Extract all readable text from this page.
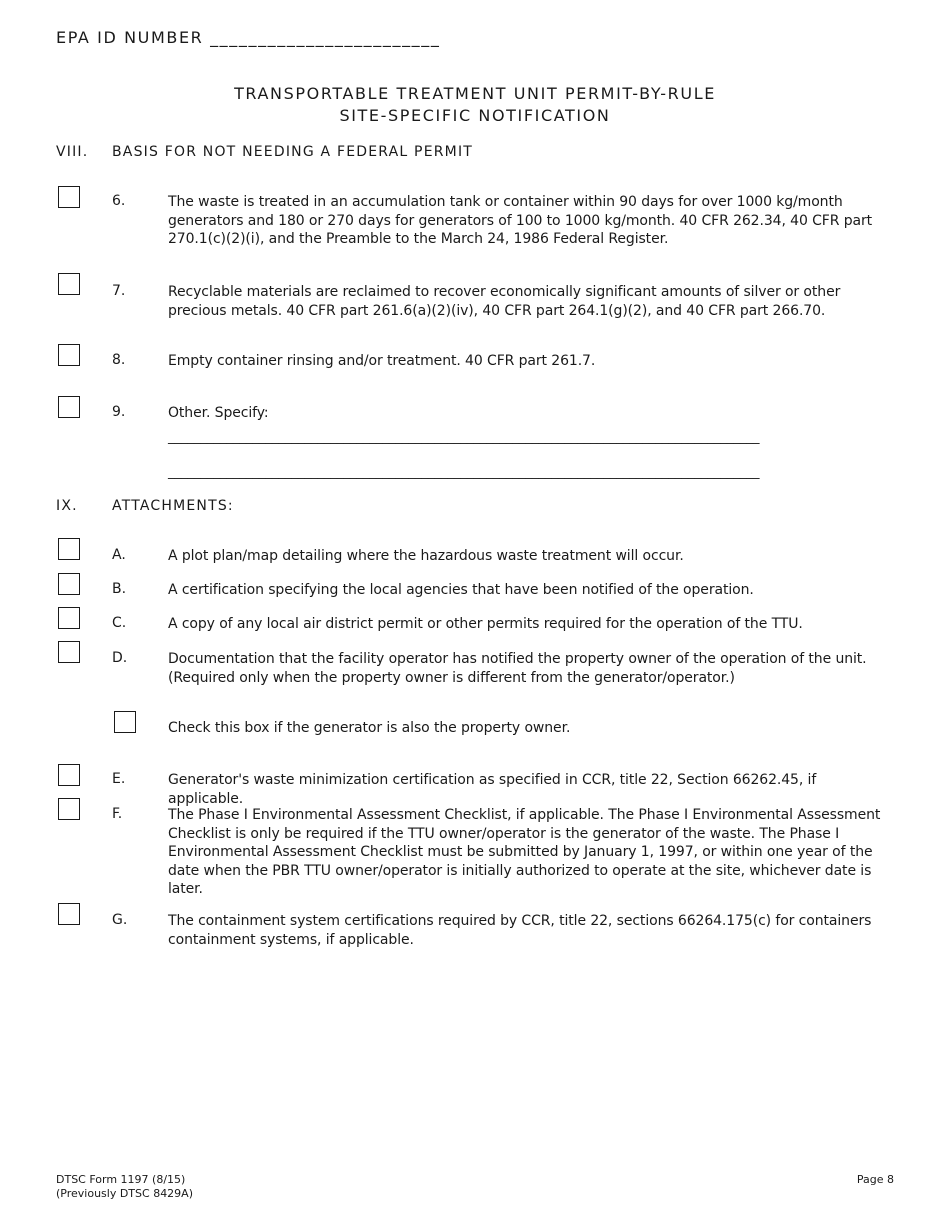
EPA ID NUMBER ________________________
TRANSPORTABLE TREATMENT UNIT PERMIT-BY-RULE
SITE-SPECIFIC NOTIFICATION
VIII. BASIS FOR NOT NEEDING A FEDERAL PERMIT
6.	The waste is treated in an accumulation tank or container within 90 days for over 1000 kg/month generators and 180 or 270 days for generators of 100 to 1000 kg/month. 40 CFR 262.34, 40 CFR part 270.1(c)(2)(i), and the Preamble to the March 24, 1986 Federal Register.
7.	Recyclable materials are reclaimed to recover economically significant amounts of silver or other precious metals. 40 CFR part 261.6(a)(2)(iv), 40 CFR part 264.1(g)(2), and 40 CFR part 266.70.
8.	Empty container rinsing and/or treatment. 40 CFR part 261.7.
9.	Other. Specify:
___________________________________________________________________________________________
___________________________________________________________________________________________
IX. ATTACHMENTS:
A.	A plot plan/map detailing where the hazardous waste treatment will occur.
B.	A certification specifying the local agencies that have been notified of the operation.
C.	A copy of any local air district permit or other permits required for the operation of the TTU.
D.	Documentation that the facility operator has notified the property owner of the operation of the unit. (Required only when the property owner is different from the generator/operator.)
Check this box if the generator is also the property owner.
E.	Generator's waste minimization certification as specified in CCR, title 22, Section 66262.45, if applicable.
F.	The Phase I Environmental Assessment Checklist, if applicable. The Phase I Environmental Assessment Checklist is only be required if the TTU owner/operator is the generator of the waste. The Phase I Environmental Assessment Checklist must be submitted by January 1, 1997, or within one year of the date when the PBR TTU owner/operator is initially authorized to operate at the site, whichever date is later.
G.	The containment system certifications required by CCR, title 22, sections 66264.175(c) for containers containment systems, if applicable.
DTSC Form 1197 (8/15)
(Previously DTSC 8429A)
Page 8
